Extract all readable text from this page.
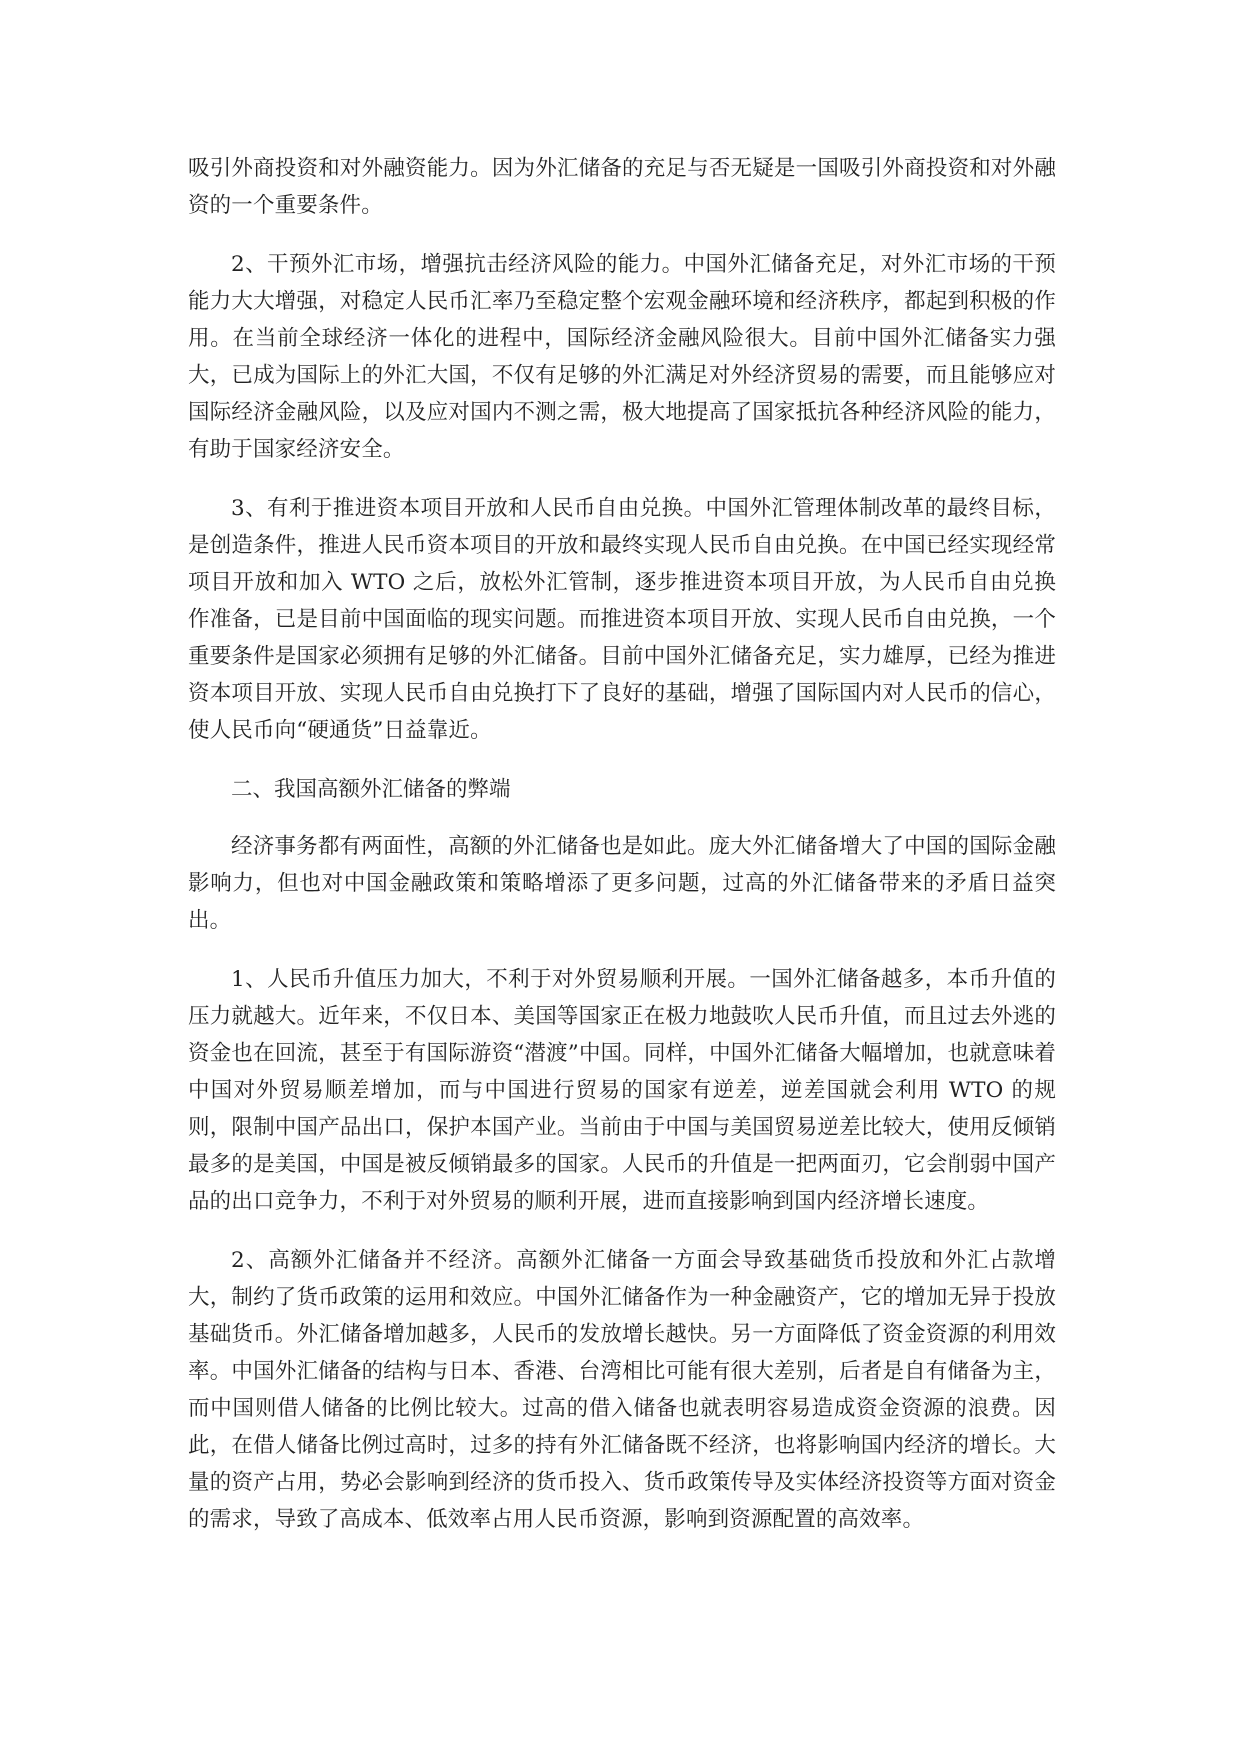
吸引外商投资和对外融资能力。因为外汇储备的充足与否无疑是一国吸引外商投资和对外融资的一个重要条件。

2、干预外汇市场，增强抗击经济风险的能力。中国外汇储备充足，对外汇市场的干预能力大大增强，对稳定人民币汇率乃至稳定整个宏观金融环境和经济秩序，都起到积极的作用。在当前全球经济一体化的进程中，国际经济金融风险很大。目前中国外汇储备实力强大，已成为国际上的外汇大国，不仅有足够的外汇满足对外经济贸易的需要，而且能够应对国际经济金融风险，以及应对国内不测之需，极大地提高了国家抵抗各种经济风险的能力，有助于国家经济安全。

3、有利于推进资本项目开放和人民币自由兑换。中国外汇管理体制改革的最终目标，是创造条件，推进人民币资本项目的开放和最终实现人民币自由兑换。在中国已经实现经常项目开放和加入 WTO 之后，放松外汇管制，逐步推进资本项目开放，为人民币自由兑换作准备，已是目前中国面临的现实问题。而推进资本项目开放、实现人民币自由兑换，一个重要条件是国家必须拥有足够的外汇储备。目前中国外汇储备充足，实力雄厚，已经为推进资本项目开放、实现人民币自由兑换打下了良好的基础，增强了国际国内对人民币的信心，使人民币向“硬通货”日益靠近。

二、我国高额外汇储备的弊端

经济事务都有两面性，高额的外汇储备也是如此。庞大外汇储备增大了中国的国际金融影响力，但也对中国金融政策和策略增添了更多问题，过高的外汇储备带来的矛盾日益突出。

1、人民币升值压力加大，不利于对外贸易顺利开展。一国外汇储备越多，本币升值的压力就越大。近年来，不仅日本、美国等国家正在极力地鼓吹人民币升值，而且过去外逃的资金也在回流，甚至于有国际游资“潜渡”中国。同样，中国外汇储备大幅增加，也就意味着中国对外贸易顺差增加，而与中国进行贸易的国家有逆差，逆差国就会利用 WTO 的规则，限制中国产品出口，保护本国产业。当前由于中国与美国贸易逆差比较大，使用反倾销最多的是美国，中国是被反倾销最多的国家。人民币的升值是一把两面刃，它会削弱中国产品的出口竞争力，不利于对外贸易的顺利开展，进而直接影响到国内经济增长速度。

2、高额外汇储备并不经济。高额外汇储备一方面会导致基础货币投放和外汇占款增大，制约了货币政策的运用和效应。中国外汇储备作为一种金融资产，它的增加无异于投放基础货币。外汇储备增加越多，人民币的发放增长越快。另一方面降低了资金资源的利用效率。中国外汇储备的结构与日本、香港、台湾相比可能有很大差别，后者是自有储备为主，而中国则借人储备的比例比较大。过高的借入储备也就表明容易造成资金资源的浪费。因此，在借人储备比例过高时，过多的持有外汇储备既不经济，也将影响国内经济的增长。大量的资产占用，势必会影响到经济的货币投入、货币政策传导及实体经济投资等方面对资金的需求，导致了高成本、低效率占用人民币资源，影响到资源配置的高效率。
